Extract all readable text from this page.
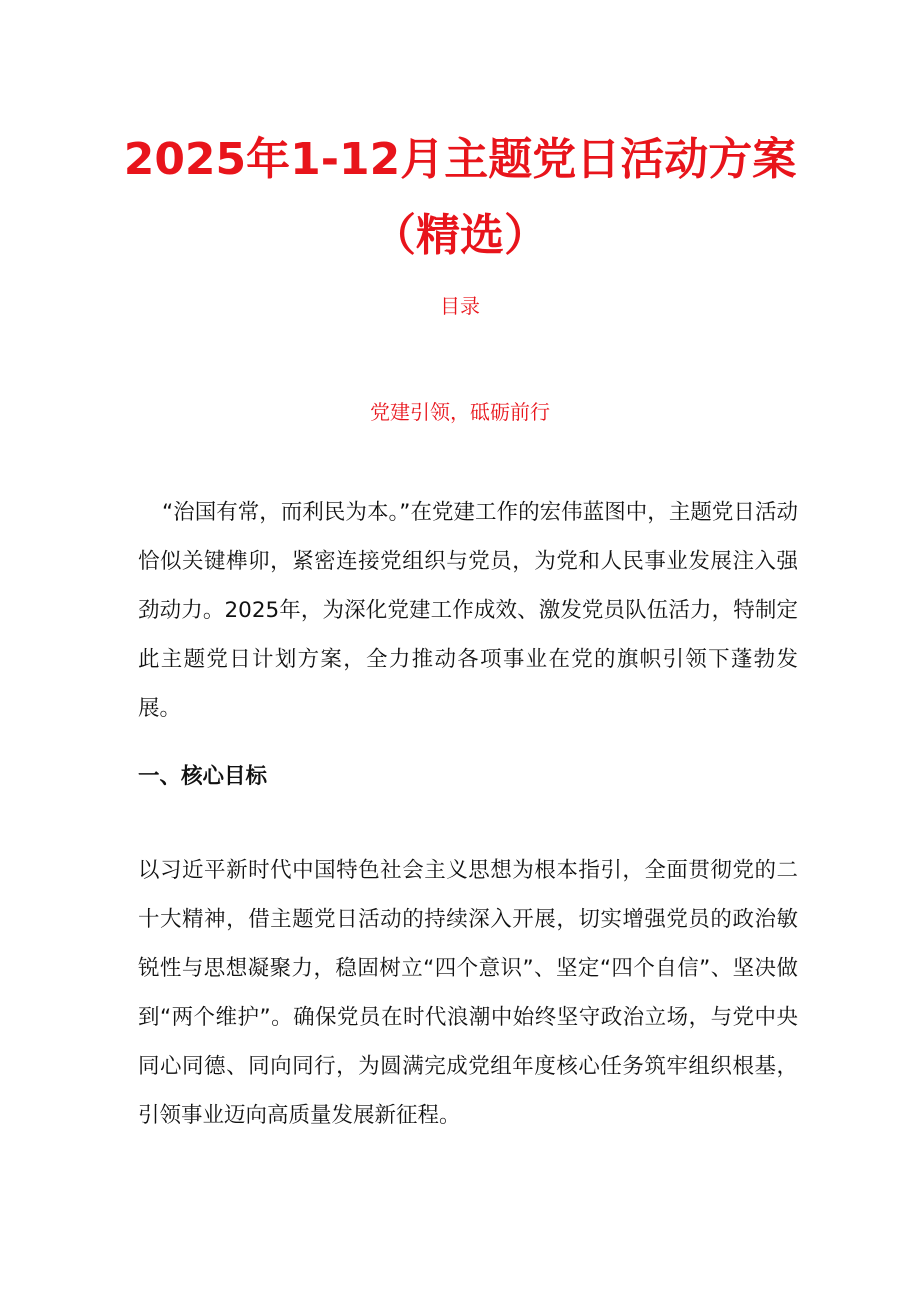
2025年1-12月主题党日活动方案
（精选）
目录
党建引领，砥砺前行

“治国有常，而利民为本。”在党建工作的宏伟蓝图中，主题党日活动恰似关键榫卯，紧密连接党组织与党员，为党和人民事业发展注入强劲动力。2025年，为深化党建工作成效、激发党员队伍活力，特制定此主题党日计划方案，全力推动各项事业在党的旗帜引领下蓬勃发展。

一、核心目标

以习近平新时代中国特色社会主义思想为根本指引，全面贯彻党的二十大精神，借主题党日活动的持续深入开展，切实增强党员的政治敏锐性与思想凝聚力，稳固树立“四个意识”、坚定“四个自信”、坚决做到“两个维护”。确保党员在时代浪潮中始终坚守政治立场，与党中央同心同德、同向同行，为圆满完成党组年度核心任务筑牢组织根基，引领事业迈向高质量发展新征程。
